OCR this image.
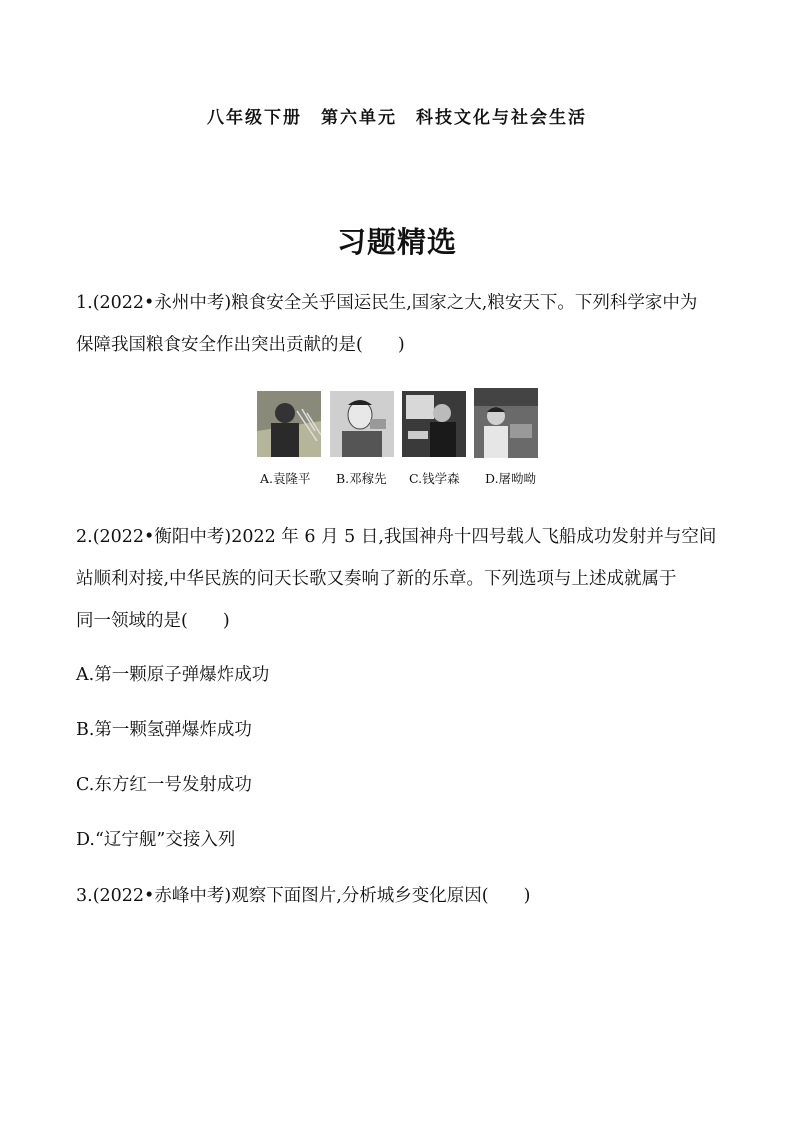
八年级下册　第六单元　科技文化与社会生活
习题精选
1.(2022•永州中考)粮食安全关乎国运民生,国家之大,粮安天下。下列科学家中为
保障我国粮食安全作出突出贡献的是(　　)
A.袁隆平 B.邓稼先 C.钱学森 D.屠呦呦
2.(2022•衡阳中考)2022 年 6 月 5 日,我国神舟十四号载人飞船成功发射并与空间
站顺利对接,中华民族的问天长歌又奏响了新的乐章。下列选项与上述成就属于
同一领域的是(　　)
A.第一颗原子弹爆炸成功
B.第一颗氢弹爆炸成功
C.东方红一号发射成功
D.“辽宁舰”交接入列
3.(2022•赤峰中考)观察下面图片,分析城乡变化原因(　　)
